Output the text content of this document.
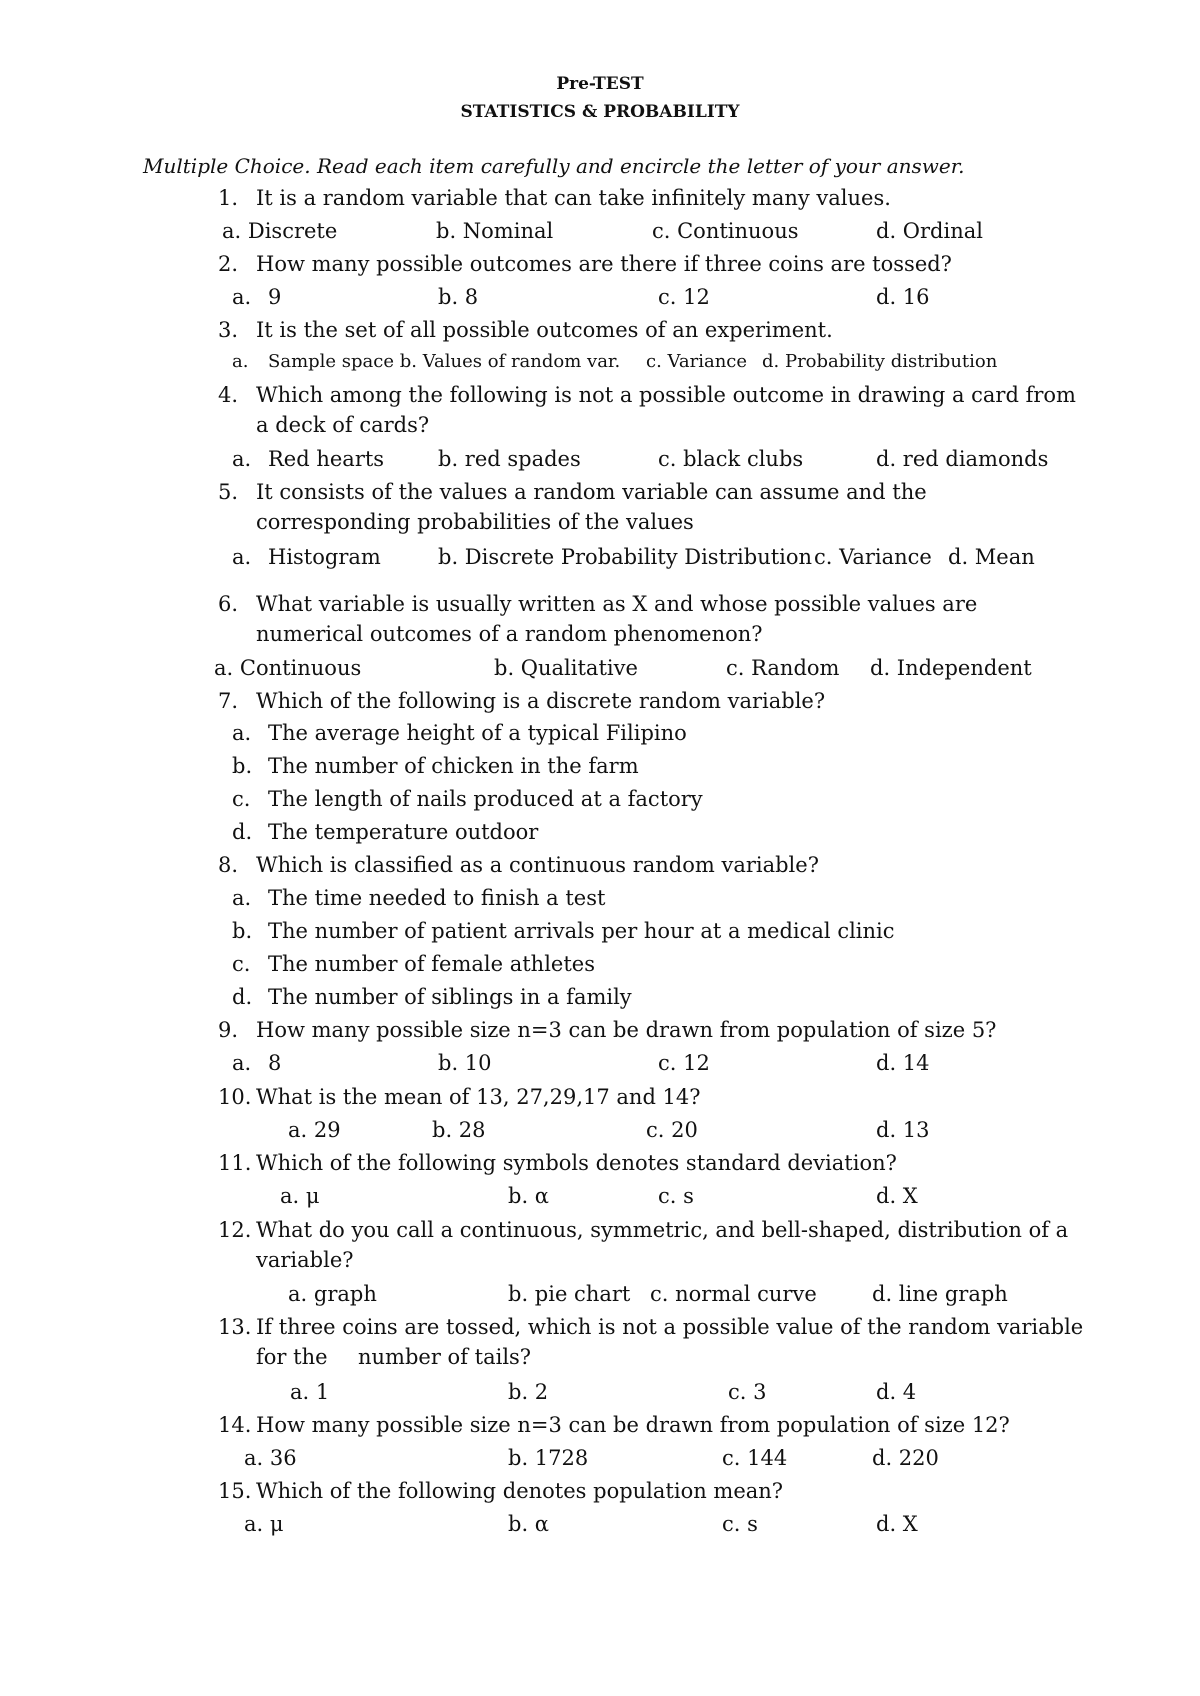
Pre-TEST
STATISTICS & PROBABILITY
Multiple Choice. Read each item carefully and encircle the letter of your answer.
1. It is a random variable that can take infinitely many values.
a. Discrete	b. Nominal	c. Continuous	d. Ordinal
2. How many possible outcomes are there if three coins are tossed?
a. 9	b. 8	c. 12	d. 16
3. It is the set of all possible outcomes of an experiment.
a. Sample space b. Values of random var. c. Variance d. Probability distribution
4. Which among the following is not a possible outcome in drawing a card from
a deck of cards?
a. Red hearts	b. red spades	c. black clubs	d. red diamonds
5. It consists of the values a random variable can assume and the
corresponding probabilities of the values
a. Histogram	b. Discrete Probability Distribution c. Variance d. Mean
6. What variable is usually written as X and whose possible values are
numerical outcomes of a random phenomenon?
a. Continuous	b. Qualitative	c. Random d. Independent
7. Which of the following is a discrete random variable?
a. The average height of a typical Filipino
b. The number of chicken in the farm
c. The length of nails produced at a factory
d. The temperature outdoor
8. Which is classified as a continuous random variable?
a. The time needed to finish a test
b. The number of patient arrivals per hour at a medical clinic
c. The number of female athletes
d. The number of siblings in a family
9. How many possible size n=3 can be drawn from population of size 5?
a. 8	b. 10	c. 12	d. 14
10. What is the mean of 13, 27,29,17 and 14?
a. 29	b. 28	c. 20	d. 13
11. Which of the following symbols denotes standard deviation?
a. μ	b. α	c. s	d. X
12. What do you call a continuous, symmetric, and bell-shaped, distribution of a
variable?
a. graph	b. pie chart c. normal curve	d. line graph
13. If three coins are tossed, which is not a possible value of the random variable
for the number of tails?
a. 1	b. 2	c. 3	d. 4
14. How many possible size n=3 can be drawn from population of size 12?
a. 36	b. 1728	c. 144	d. 220
15. Which of the following denotes population mean?
a. μ	b. α	c. s	d. X
